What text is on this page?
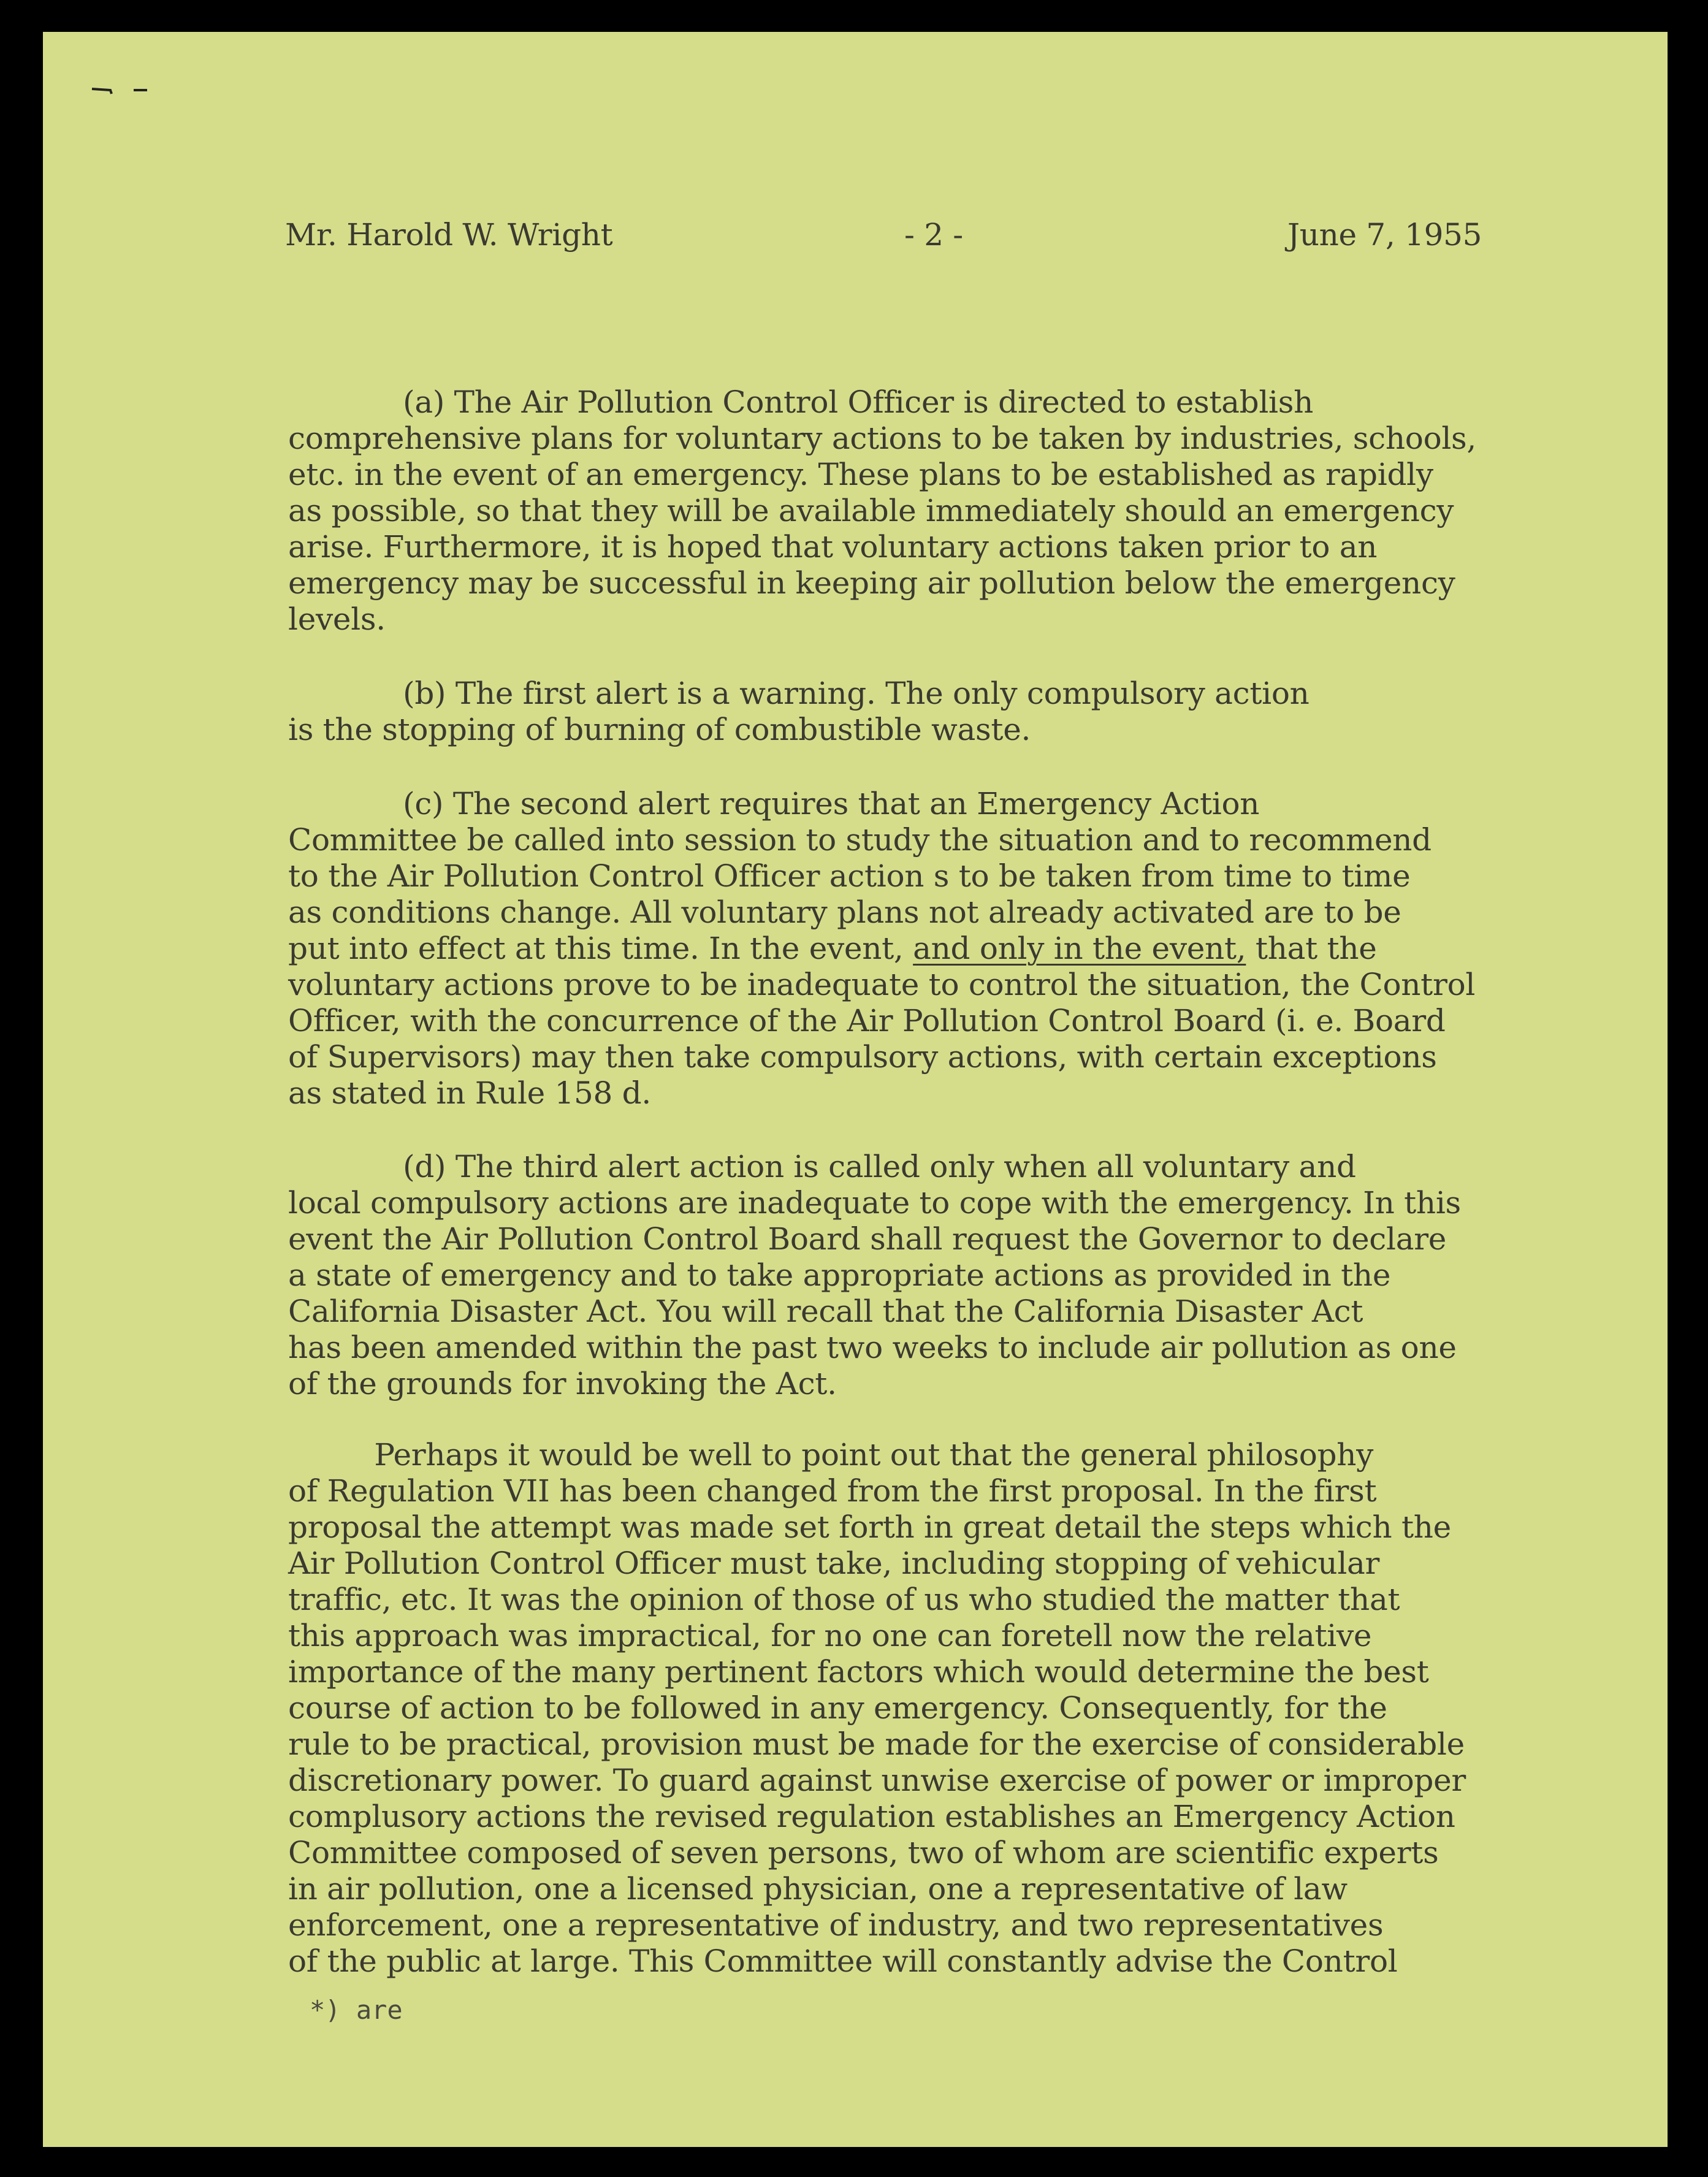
Mr. Harold W. Wright	- 2 -	June 7, 1955
(a) The Air Pollution Control Officer is directed to establish
comprehensive plans for voluntary actions to be taken by industries, schools,
etc. in the event of an emergency. These plans to be established as rapidly
as possible, so that they will be available immediately should an emergency
arise. Furthermore, it is hoped that voluntary actions taken prior to an
emergency may be successful in keeping air pollution below the emergency
levels.
(b) The first alert is a warning. The only compulsory action
is the stopping of burning of combustible waste.
(c) The second alert requires that an Emergency Action
Committee be called into session to study the situation and to recommend
to the Air Pollution Control Officer action s to be taken from time to time
as conditions change. All voluntary plans not already activated are to be
put into effect at this time. In the event, and only in the event, that the
voluntary actions prove to be inadequate to control the situation, the Control
Officer, with the concurrence of the Air Pollution Control Board (i. e. Board
of Supervisors) may then take compulsory actions, with certain exceptions
as stated in Rule 158 d.
(d) The third alert action is called only when all voluntary and
local compulsory actions are inadequate to cope with the emergency. In this
event the Air Pollution Control Board shall request the Governor to declare
a state of emergency and to take appropriate actions as provided in the
California Disaster Act. You will recall that the California Disaster Act
has been amended within the past two weeks to include air pollution as one
of the grounds for invoking the Act.
Perhaps it would be well to point out that the general philosophy
of Regulation VII has been changed from the first proposal. In the first
proposal the attempt was made set forth in great detail the steps which the
Air Pollution Control Officer must take, including stopping of vehicular
traffic, etc. It was the opinion of those of us who studied the matter that
this approach was impractical, for no one can foretell now the relative
importance of the many pertinent factors which would determine the best
course of action to be followed in any emergency. Consequently, for the
rule to be practical, provision must be made for the exercise of considerable
discretionary power. To guard against unwise exercise of power or improper
complusory actions the revised regulation establishes an Emergency Action
Committee composed of seven persons, two of whom are scientific experts
in air pollution, one a licensed physician, one a representative of law
enforcement, one a representative of industry, and two representatives
of the public at large. This Committee will constantly advise the Control
*) are
